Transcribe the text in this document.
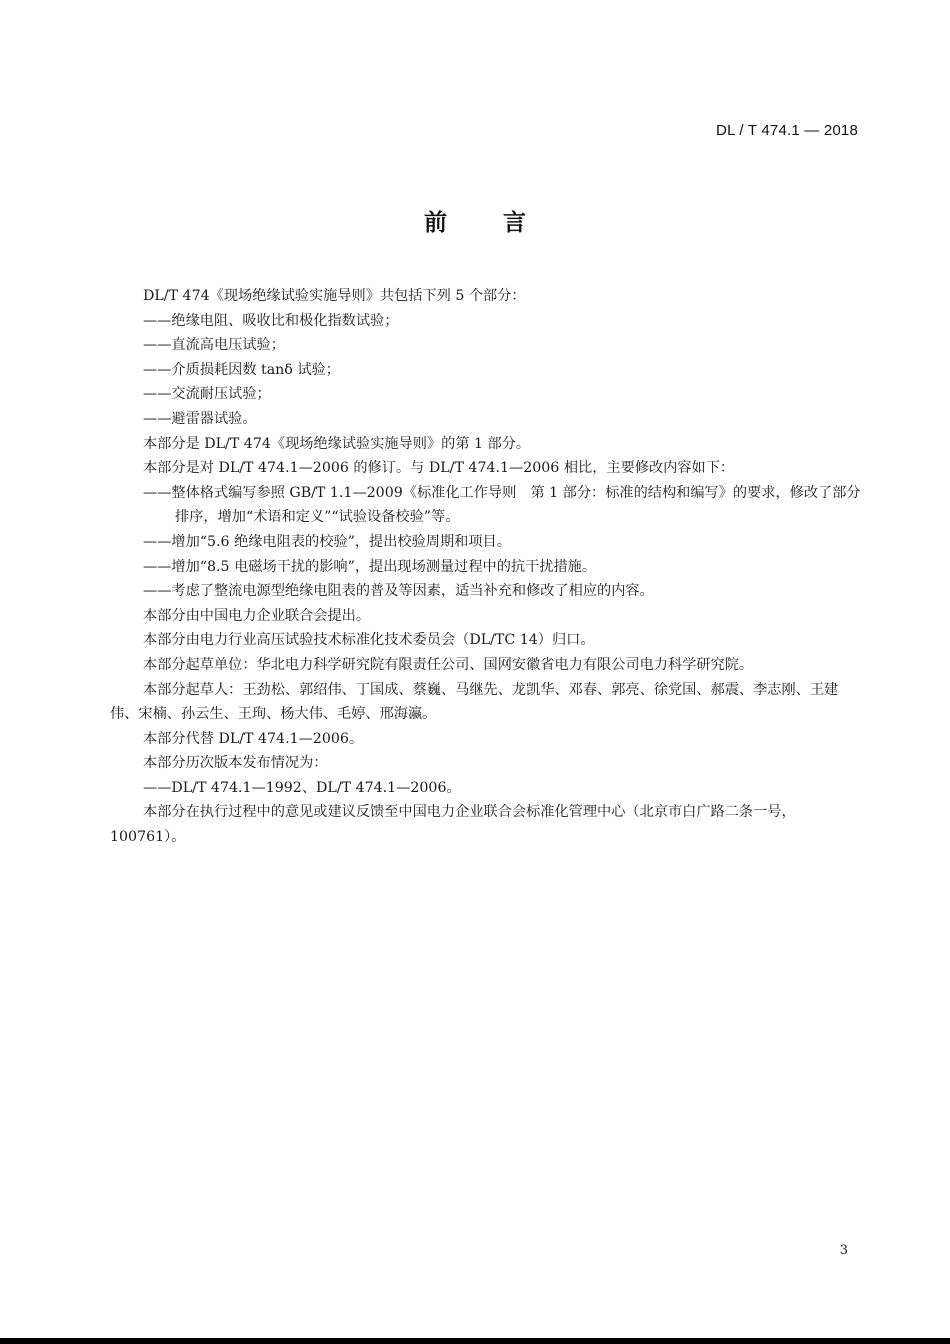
DL / T 474.1 — 2018
前言

DL/T 474《现场绝缘试验实施导则》共包括下列 5 个部分：

——绝缘电阻、吸收比和极化指数试验；

——直流高电压试验；

——介质损耗因数 tanδ 试验；

——交流耐压试验；

——避雷器试验。

本部分是 DL/T 474《现场绝缘试验实施导则》的第 1 部分。

本部分是对 DL/T 474.1—2006 的修订。与 DL/T 474.1—2006 相比，主要修改内容如下：

——整体格式编写参照 GB/T 1.1—2009《标准化工作导则　第 1 部分：标准的结构和编写》的要求，修改了部分排序，增加“术语和定义”“试验设备校验”等。

——增加“5.6 绝缘电阻表的校验”，提出校验周期和项目。

——增加“8.5 电磁场干扰的影响”，提出现场测量过程中的抗干扰措施。

——考虑了整流电源型绝缘电阻表的普及等因素，适当补充和修改了相应的内容。

本部分由中国电力企业联合会提出。

本部分由电力行业高压试验技术标准化技术委员会（DL/TC 14）归口。

本部分起草单位：华北电力科学研究院有限责任公司、国网安徽省电力有限公司电力科学研究院。

本部分起草人：王劲松、郭绍伟、丁国成、蔡巍、马继先、龙凯华、邓春、郭亮、徐党国、郝震、李志刚、王建伟、宋楠、孙云生、王珣、杨大伟、毛婷、邢海瀛。

本部分代替 DL/T 474.1—2006。

本部分历次版本发布情况为：

——DL/T 474.1—1992、DL/T 474.1—2006。

本部分在执行过程中的意见或建议反馈至中国电力企业联合会标准化管理中心（北京市白广路二条一号，100761）。

3
